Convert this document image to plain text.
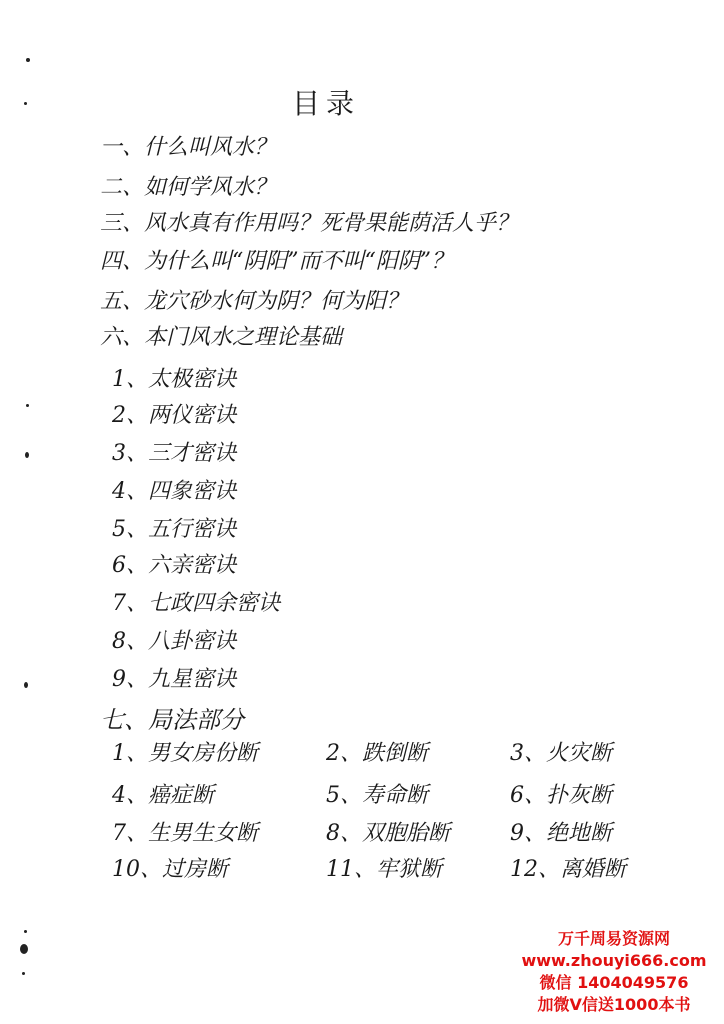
目录
一、什么叫风水？
二、如何学风水？
三、风水真有作用吗？死骨果能荫活人乎？
四、为什么叫“阴阳”而不叫“阳阴”？
五、龙穴砂水何为阴？何为阳？
六、本门风水之理论基础
1、太极密诀
2、两仪密诀
3、三才密诀
4、四象密诀
5、五行密诀
6、六亲密诀
7、七政四余密诀
8、八卦密诀
9、九星密诀
七、局法部分
1、男女房份断	2、跌倒断	3、火灾断
4、癌症断	5、寿命断	6、扑灰断
7、生男生女断	8、双胞胎断	9、绝地断
10、过房断	11、牢狱断	12、离婚断
万千周易资源网
www.zhouyi666.com
微信 1404049576
加微V信送1000本书
